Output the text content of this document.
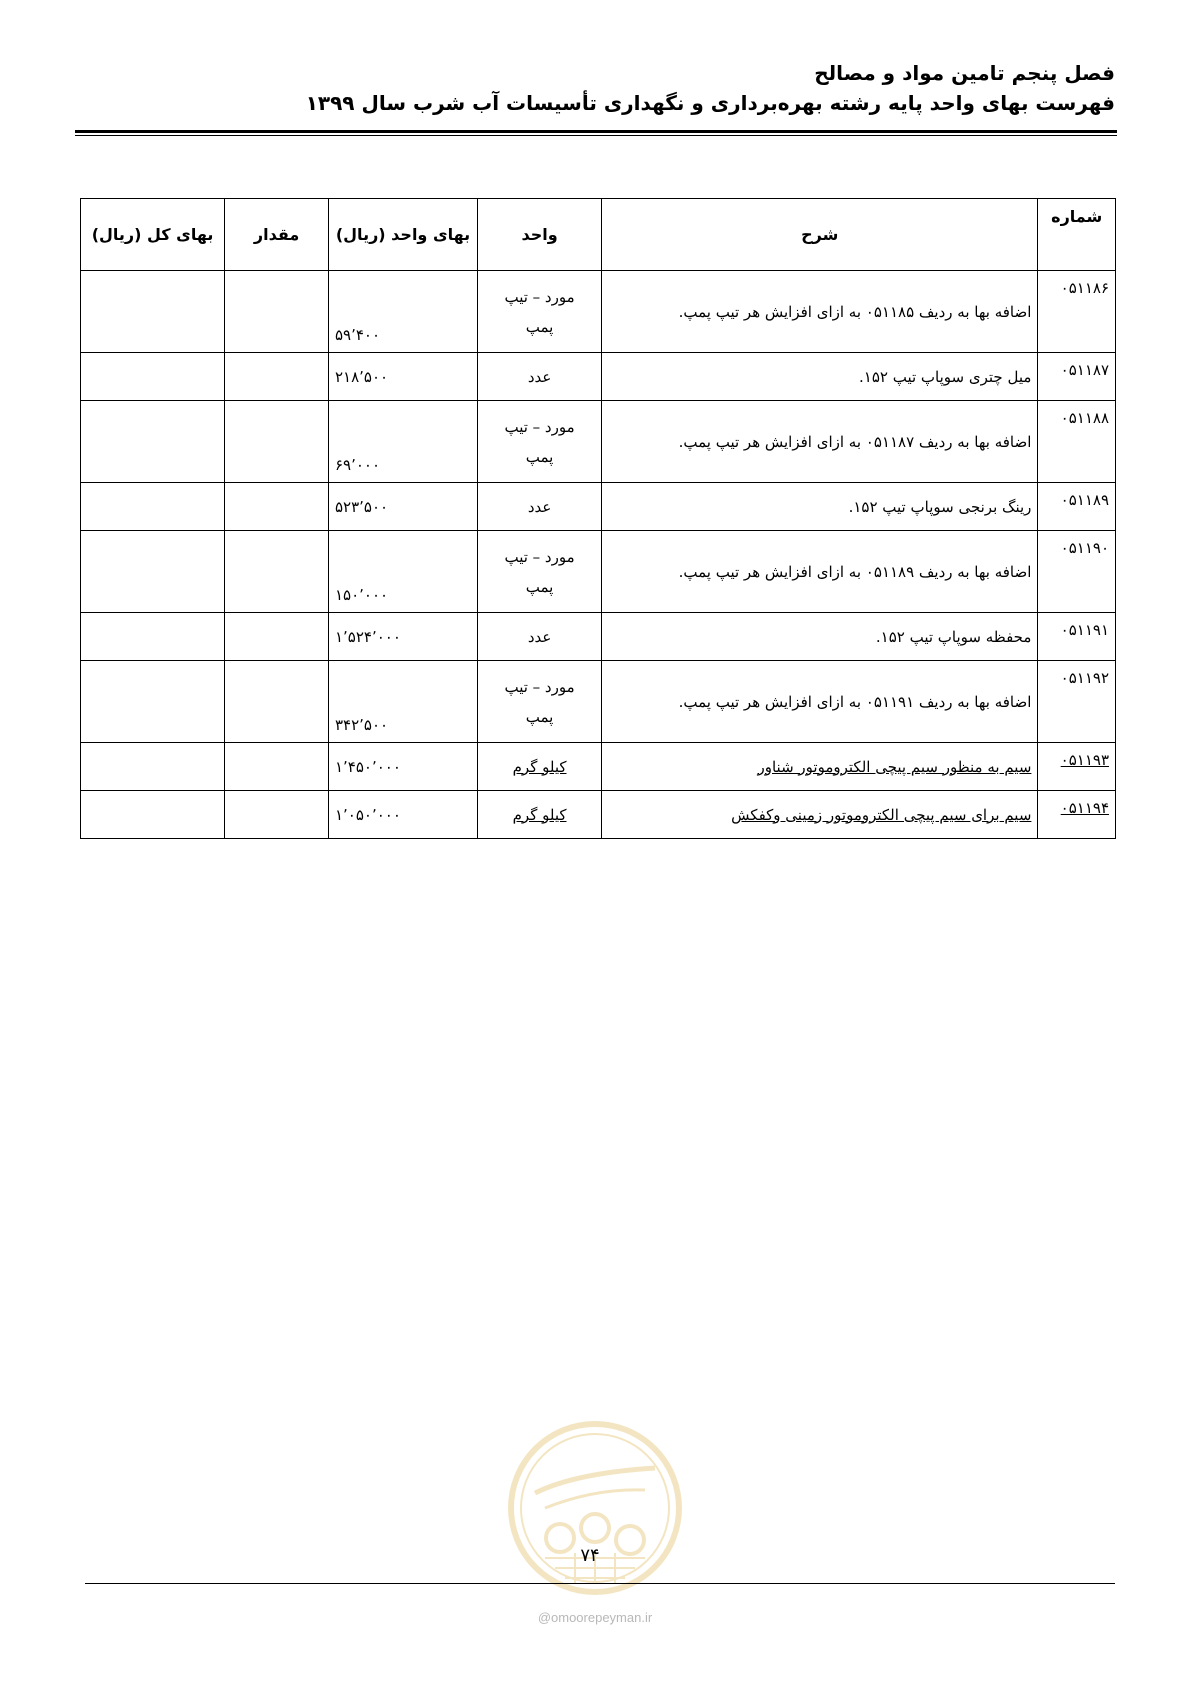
فصل پنجم تامین مواد و مصالح
فهرست بهای واحد پایه رشته بهره‌برداری و نگهداری تأسیسات آب شرب سال ۱۳۹۹
شماره	شرح	واحد	بهای واحد (ریال)	مقدار	بهای کل (ریال)
۰۵۱۱۸۶	اضافه بها به ردیف ۰۵۱۱۸۵ به ازای افزایش هر تیپ پمپ.	مورد – تیپ
پمپ	۵۹٬۴۰۰		
۰۵۱۱۸۷	میل چتری سوپاپ تیپ ۱۵۲.	عدد	۲۱۸٬۵۰۰		
۰۵۱۱۸۸	اضافه بها به ردیف ۰۵۱۱۸۷ به ازای افزایش هر تیپ پمپ.	مورد – تیپ
پمپ	۶۹٬۰۰۰		
۰۵۱۱۸۹	رینگ برنجی سوپاپ تیپ ۱۵۲.	عدد	۵۲۳٬۵۰۰		
۰۵۱۱۹۰	اضافه بها به ردیف ۰۵۱۱۸۹ به ازای افزایش هر تیپ پمپ.	مورد – تیپ
پمپ	۱۵۰٬۰۰۰		
۰۵۱۱۹۱	محفظه سوپاپ تیپ ۱۵۲.	عدد	۱٬۵۲۴٬۰۰۰		
۰۵۱۱۹۲	اضافه بها به ردیف ۰۵۱۱۹۱ به ازای افزایش هر تیپ پمپ.	مورد – تیپ
پمپ	۳۴۲٬۵۰۰		
۰۵۱۱۹۳	سیم به منظور سیم پیچی الکتروموتور شناور	کیلو گرم	۱٬۴۵۰٬۰۰۰		
۰۵۱۱۹۴	سیم برای سیم پیچی الکتروموتور زمینی وکفکش	کیلو گرم	۱٬۰۵۰٬۰۰۰		
۷۴
@omoorepeyman.ir
